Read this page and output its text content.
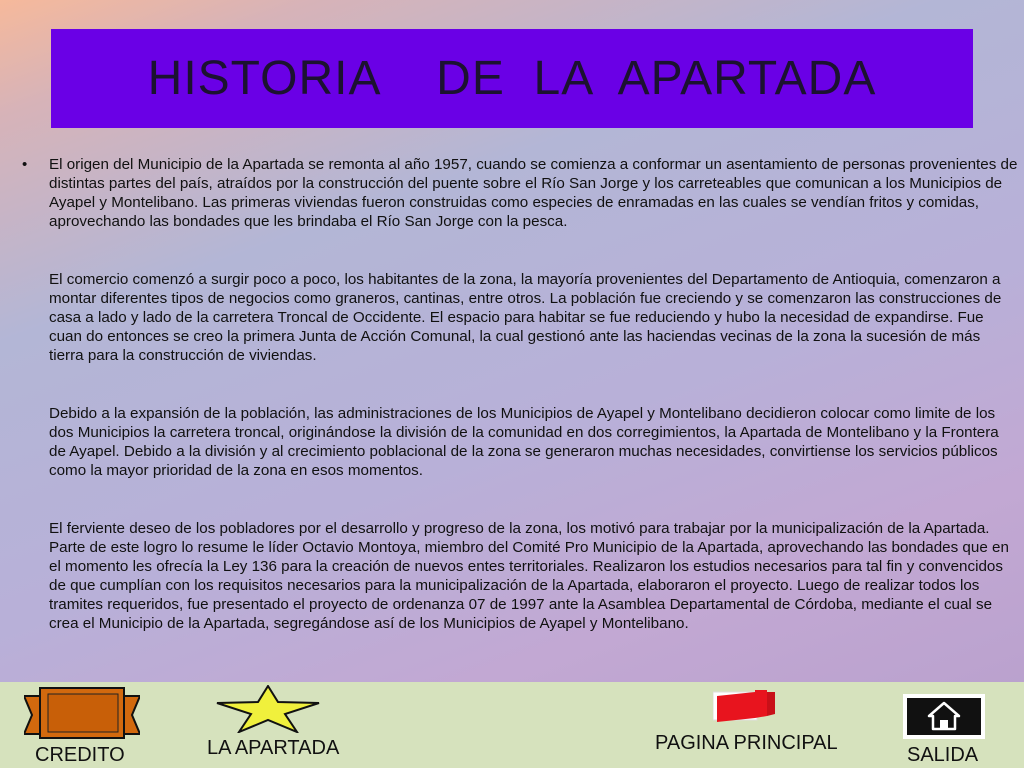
HISTORIA    DE  LA  APARTADA
• El origen del Municipio de la Apartada se remonta al año 1957, cuando se comienza a conformar un asentamiento de personas provenientes de distintas partes del país, atraídos por la construcción del puente sobre el Río San Jorge y los carreteables que comunican a los Municipios de Ayapel y Montelibano. Las primeras viviendas fueron construidas como especies de enramadas en las cuales se vendían fritos y comidas, aprovechando las bondades que les brindaba el Río San Jorge con la pesca.

El comercio comenzó a surgir poco a poco, los habitantes de la zona, la mayoría provenientes del Departamento de Antioquia, comenzaron a montar diferentes tipos de negocios como graneros, cantinas, entre otros. La población fue creciendo y se comenzaron las construcciones de casa a lado y lado de la carretera Troncal de Occidente. El espacio para habitar se fue reduciendo y hubo la necesidad de expandirse. Fue cuan do entonces se creo la primera Junta de Acción Comunal, la cual gestionó ante las haciendas vecinas de la zona la sucesión de más tierra para la construcción de viviendas.

Debido a la expansión de la población, las administraciones de los Municipios de Ayapel y Montelibano decidieron colocar como limite de los dos Municipios la carretera troncal, originándose la división de la comunidad en dos corregimientos, la Apartada de Montelibano y la Frontera de Ayapel. Debido a la división y al crecimiento poblacional de la zona se generaron muchas necesidades, convirtiense los servicios públicos como la mayor prioridad de la zona en esos momentos.

El ferviente deseo de los pobladores por el desarrollo y progreso de la zona, los motivó para trabajar por la municipalización de la Apartada. Parte de este logro lo resume le líder Octavio Montoya, miembro del Comité Pro Municipio de la Apartada, aprovechando las bondades que en el momento les ofrecía la Ley 136 para la creación de nuevos entes territoriales. Realizaron los estudios necesarios para tal fin y convencidos de que cumplían con los requisitos necesarios para la municipalización de la Apartada, elaboraron el proyecto. Luego de realizar todos los tramites requeridos, fue presentado el proyecto de ordenanza 07 de 1997 ante la Asamblea Departamental de Córdoba, mediante el cual se crea el Municipio de la Apartada, segregándose así de los Municipios de Ayapel y Montelibano.

CREDITO	LA APARTADA	PAGINA PRINCIPAL
SALIDA
